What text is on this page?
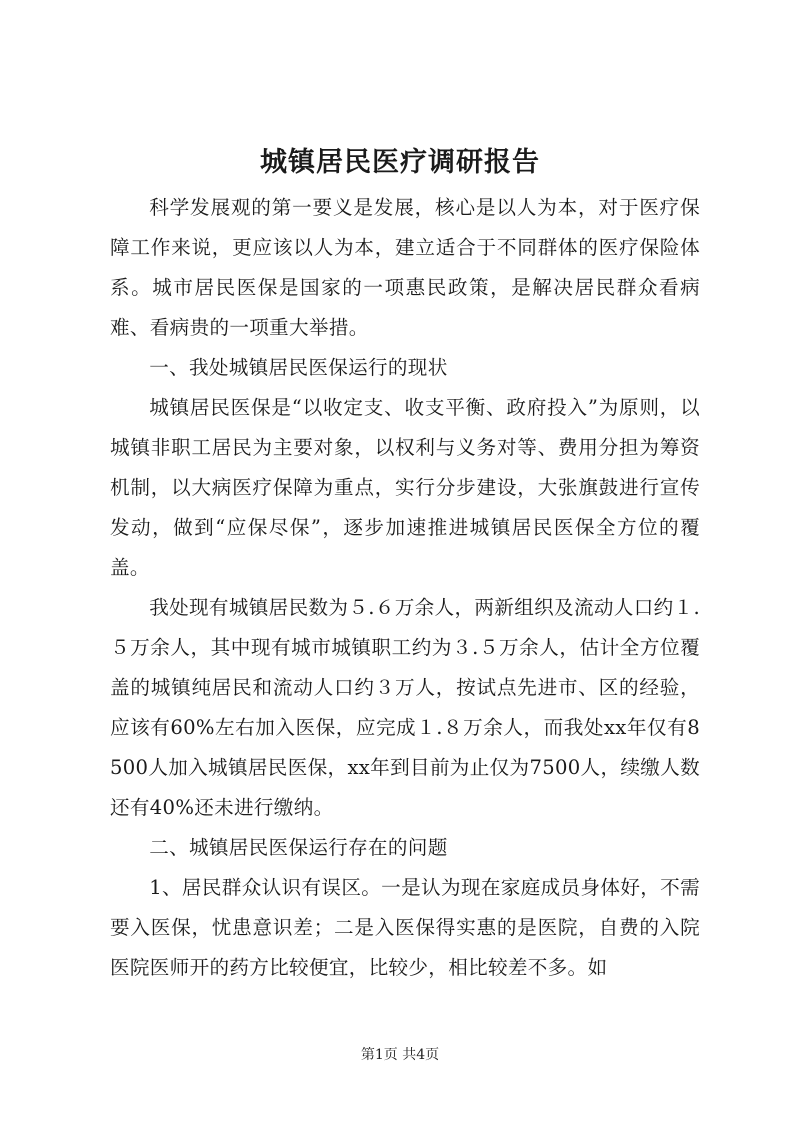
城镇居民医疗调研报告

科学发展观的第一要义是发展，核心是以人为本，对于医疗保障工作来说，更应该以人为本，建立适合于不同群体的医疗保险体系。城市居民医保是国家的一项惠民政策，是解决居民群众看病难、看病贵的一项重大举措。

一、我处城镇居民医保运行的现状

城镇居民医保是“以收定支、收支平衡、政府投入”为原则，以城镇非职工居民为主要对象，以权利与义务对等、费用分担为筹资机制，以大病医疗保障为重点，实行分步建设，大张旗鼓进行宣传发动，做到“应保尽保”，逐步加速推进城镇居民医保全方位的覆盖。

我处现有城镇居民数为５.６万余人，两新组织及流动人口约１.５万余人，其中现有城市城镇职工约为３.５万余人，估计全方位覆盖的城镇纯居民和流动人口约３万人，按试点先进市、区的经验，应该有60%左右加入医保，应完成１.８万余人，而我处xx年仅有8500人加入城镇居民医保，xx年到目前为止仅为7500人，续缴人数还有40%还未进行缴纳。

二、城镇居民医保运行存在的问题

1、居民群众认识有误区。一是认为现在家庭成员身体好，不需要入医保，忧患意识差；二是入医保得实惠的是医院，自费的入院医院医师开的药方比较便宜，比较少，相比较差不多。如

第1页 共4页
